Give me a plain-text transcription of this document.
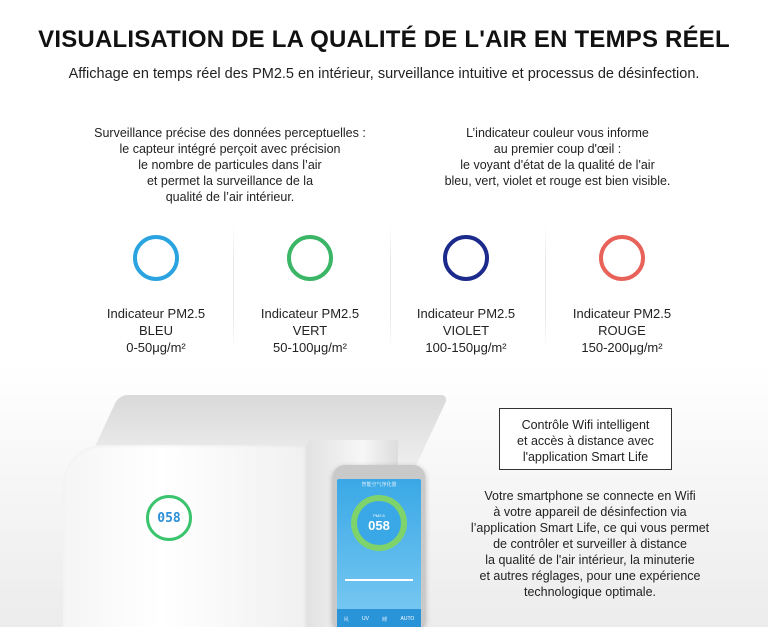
VISUALISATION DE LA QUALITÉ DE L'AIR EN TEMPS RÉEL
Affichage en temps réel des PM2.5 en intérieur, surveillance intuitive et processus de désinfection.
Surveillance précise des données perceptuelles :
le capteur intégré perçoit avec précision
le nombre de particules dans l’air
et permet la surveillance de la
qualité de l’air intérieur.
L’indicateur couleur vous informe
au premier coup d'œil :
le voyant d'état de la qualité de l'air
bleu, vert, violet et rouge est bien visible.
Indicateur PM2.5
BLEU
0-50μg/m²
Indicateur PM2.5
VERT
50-100μg/m²
Indicateur PM2.5
VIOLET
100-150μg/m²
Indicateur PM2.5
ROUGE
150-200μg/m²
058
智能空气净化器
PM2.5
058
风	UV	睡	AUTO
Contrôle Wifi intelligent
et accès à distance avec
l'application Smart Life
Votre smartphone se connecte en Wifi
à votre appareil de désinfection via
l’application Smart Life, ce qui vous permet
de contrôler et surveiller à distance
la qualité de l'air intérieur, la minuterie
et autres réglages, pour une expérience
technologique optimale.
